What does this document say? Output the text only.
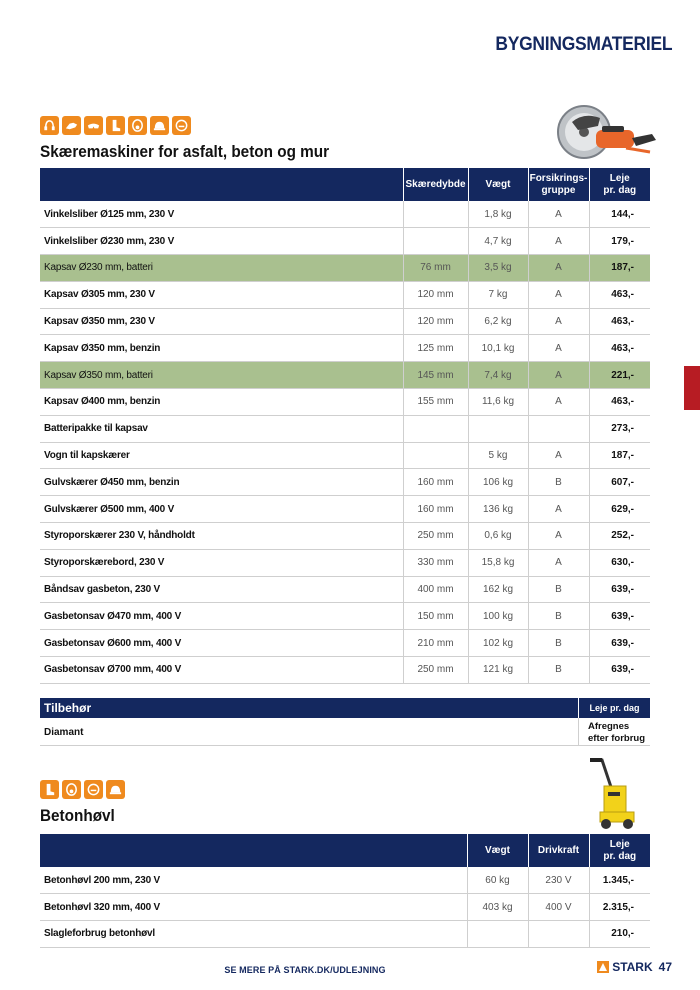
BYGNINGSMATERIEL
Skæremaskiner for asfalt, beton og mur
	Skæredybde	Vægt	Forsikrings-
gruppe	Leje
pr. dag
Vinkelsliber Ø125 mm, 230 V		1,8 kg	A	144,-
Vinkelsliber Ø230 mm, 230 V		4,7 kg	A	179,-
Kapsav Ø230 mm, batteri	76 mm	3,5 kg	A	187,-
Kapsav Ø305 mm, 230 V	120 mm	7 kg	A	463,-
Kapsav Ø350 mm, 230 V	120 mm	6,2 kg	A	463,-
Kapsav Ø350 mm, benzin	125 mm	10,1 kg	A	463,-
Kapsav Ø350 mm, batteri	145 mm	7,4 kg	A	221,-
Kapsav Ø400 mm, benzin	155 mm	11,6 kg	A	463,-
Batteripakke til kapsav				273,-
Vogn til kapskærer		5 kg	A	187,-
Gulvskærer Ø450 mm, benzin	160 mm	106 kg	B	607,-
Gulvskærer Ø500 mm, 400 V	160 mm	136 kg	A	629,-
Styroporskærer 230 V, håndholdt	250 mm	0,6 kg	A	252,-
Styroporskærebord, 230 V	330 mm	15,8 kg	A	630,-
Båndsav gasbeton, 230 V	400 mm	162 kg	B	639,-
Gasbetonsav Ø470 mm, 400 V	150 mm	100 kg	B	639,-
Gasbetonsav Ø600 mm, 400 V	210 mm	102 kg	B	639,-
Gasbetonsav Ø700 mm, 400 V	250 mm	121 kg	B	639,-
Tilbehør	Leje pr. dag
Diamant
Afregnes
efter forbrug
Betonhøvl
	Vægt	Drivkraft	Leje
pr. dag
Betonhøvl 200 mm, 230 V	60 kg	230 V	1.345,-
Betonhøvl 320 mm, 400 V	403 kg	400 V	2.315,-
Slagleforbrug betonhøvl			210,-
SE MERE PÅ STARK.DK/UDLEJNING	STARK 47
